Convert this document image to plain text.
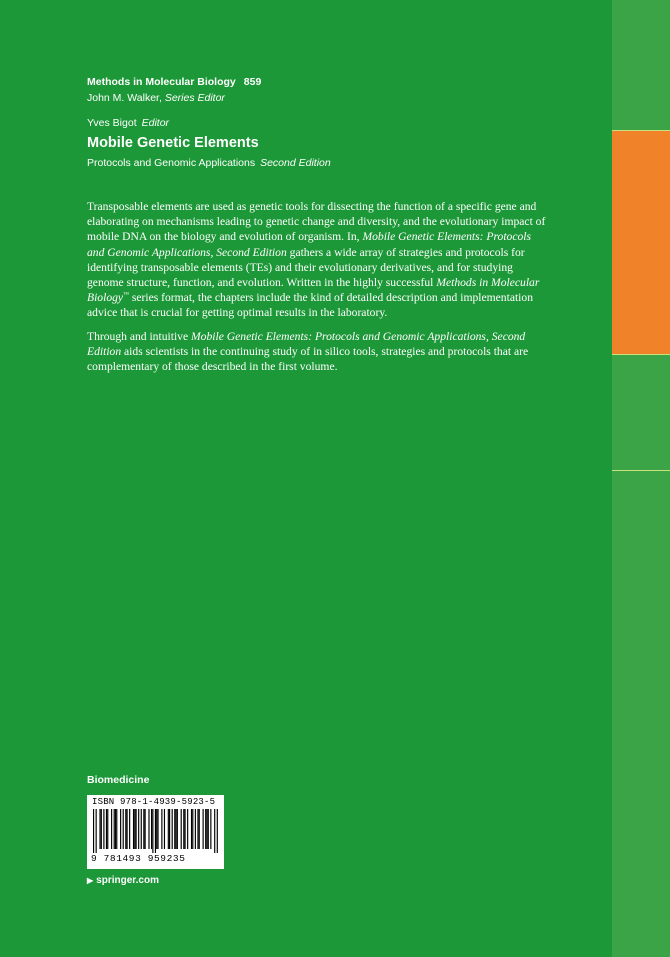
Methods in Molecular Biology 859
John M. Walker, Series Editor
Yves Bigot Editor
Mobile Genetic Elements
Protocols and Genomic Applications Second Edition

Transposable elements are used as genetic tools for dissecting the function of a specific gene and elaborating on mechanisms leading to genetic change and diversity, and the evolutionary impact of mobile DNA on the biology and evolution of organism. In, Mobile Genetic Elements: Protocols and Genomic Applications, Second Edition gathers a wide array of strategies and protocols for identifying transposable elements (TEs) and their evolutionary derivatives, and for studying genome structure, function, and evolution. Written in the highly successful Methods in Molecular Biology™ series format, the chapters include the kind of detailed description and implementation advice that is crucial for getting optimal results in the laboratory.

Through and intuitive Mobile Genetic Elements: Protocols and Genomic Applications, Second Edition aids scientists in the continuing study of in silico tools, strategies and protocols that are complementary of those described in the first volume.

Biomedicine
ISBN 978-1-4939-5923-5
9 781493 959235
▶ springer.com
